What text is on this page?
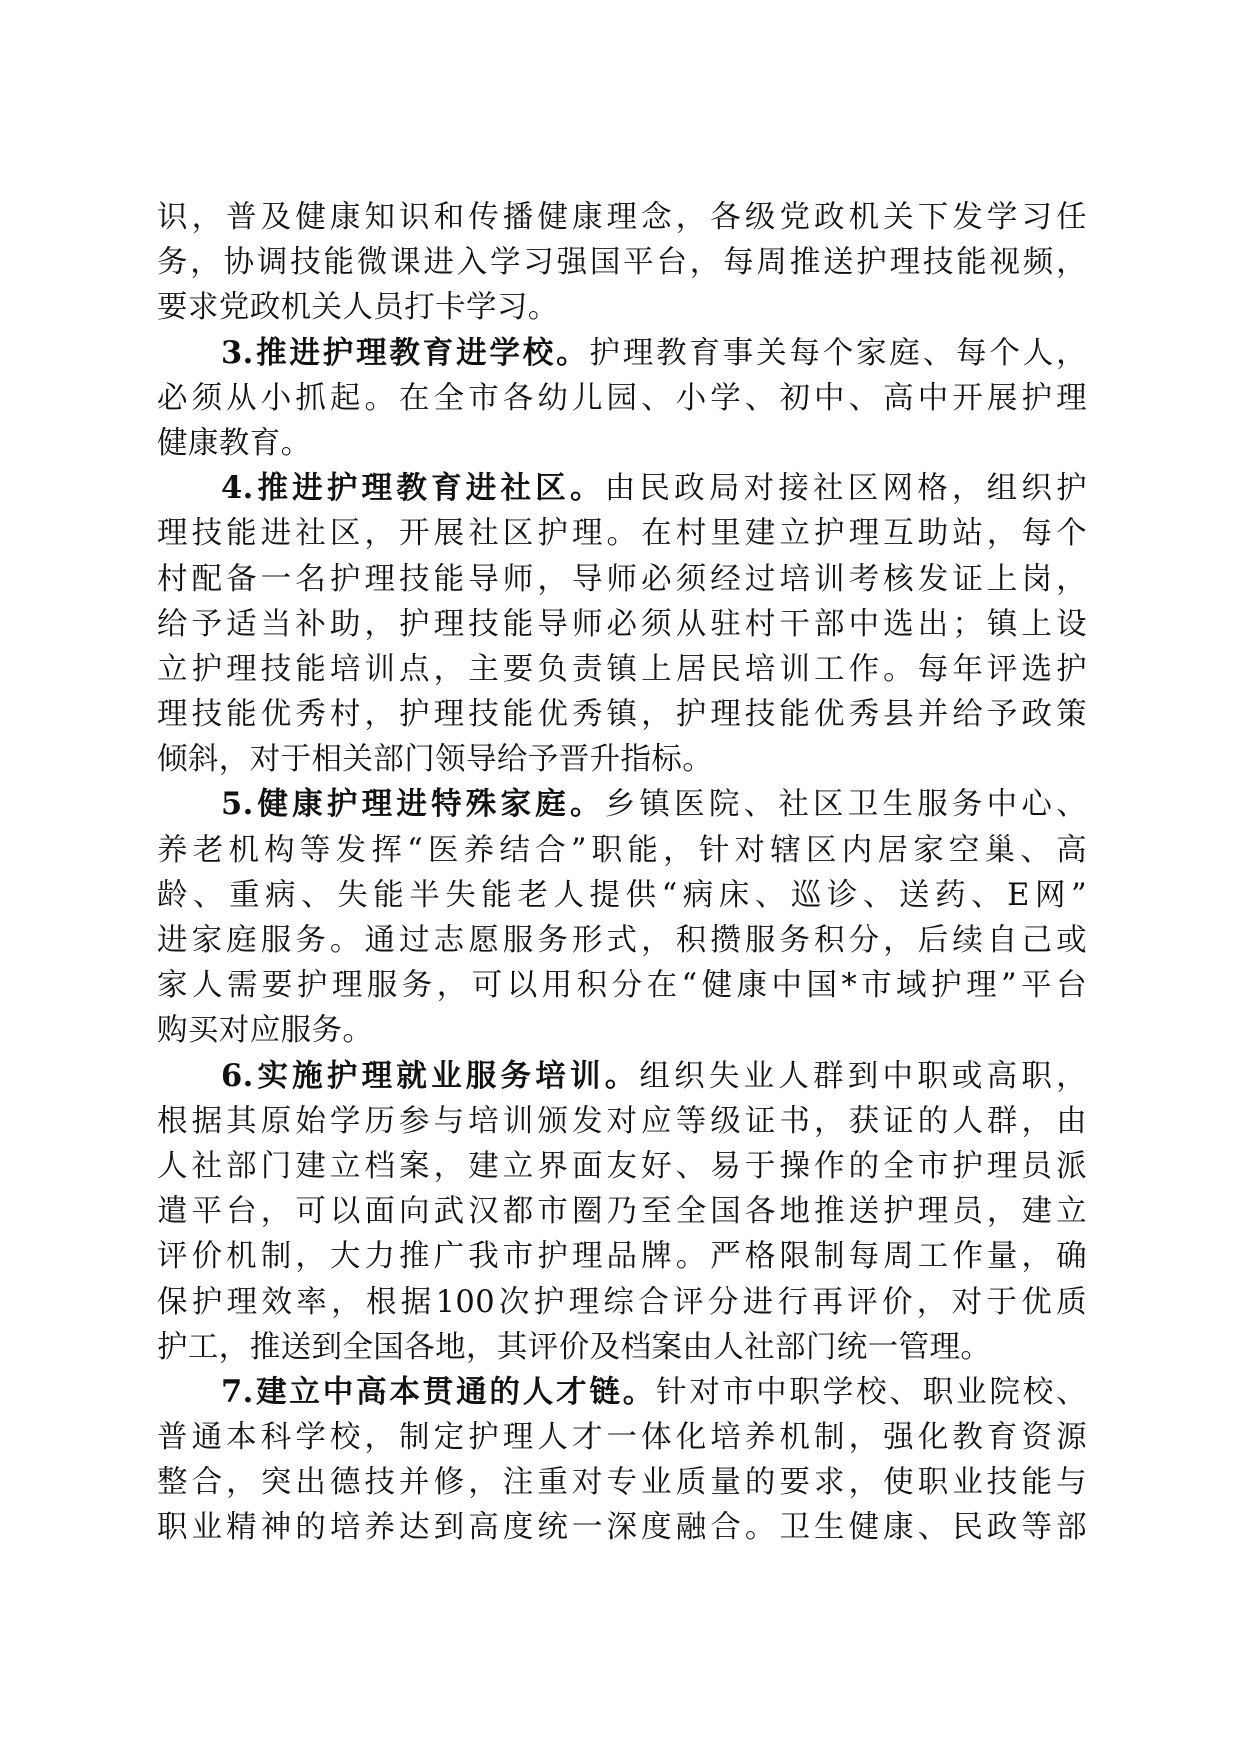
识，普及健康知识和传播健康理念，各级党政机关下发学习任
务，协调技能微课进入学习强国平台，每周推送护理技能视频，
要求党政机关人员打卡学习。
3.推进护理教育进学校。护理教育事关每个家庭、每个人，
必须从小抓起。在全市各幼儿园、小学、初中、高中开展护理
健康教育。
4.推进护理教育进社区。由民政局对接社区网格，组织护
理技能进社区，开展社区护理。在村里建立护理互助站，每个
村配备一名护理技能导师，导师必须经过培训考核发证上岗，
给予适当补助，护理技能导师必须从驻村干部中选出；镇上设
立护理技能培训点，主要负责镇上居民培训工作。每年评选护
理技能优秀村，护理技能优秀镇，护理技能优秀县并给予政策
倾斜，对于相关部门领导给予晋升指标。
5.健康护理进特殊家庭。乡镇医院、社区卫生服务中心、
养老机构等发挥“医养结合”职能，针对辖区内居家空巢、高
龄、重病、失能半失能老人提供“病床、巡诊、送药、E网”
进家庭服务。通过志愿服务形式，积攒服务积分，后续自己或
家人需要护理服务，可以用积分在“健康中国*市域护理”平台
购买对应服务。
6.实施护理就业服务培训。组织失业人群到中职或高职，
根据其原始学历参与培训颁发对应等级证书，获证的人群，由
人社部门建立档案，建立界面友好、易于操作的全市护理员派
遣平台，可以面向武汉都市圈乃至全国各地推送护理员，建立
评价机制，大力推广我市护理品牌。严格限制每周工作量，确
保护理效率，根据100次护理综合评分进行再评价，对于优质
护工，推送到全国各地，其评价及档案由人社部门统一管理。
7.建立中高本贯通的人才链。针对市中职学校、职业院校、
普通本科学校，制定护理人才一体化培养机制，强化教育资源
整合，突出德技并修，注重对专业质量的要求，使职业技能与
职业精神的培养达到高度统一深度融合。卫生健康、民政等部
